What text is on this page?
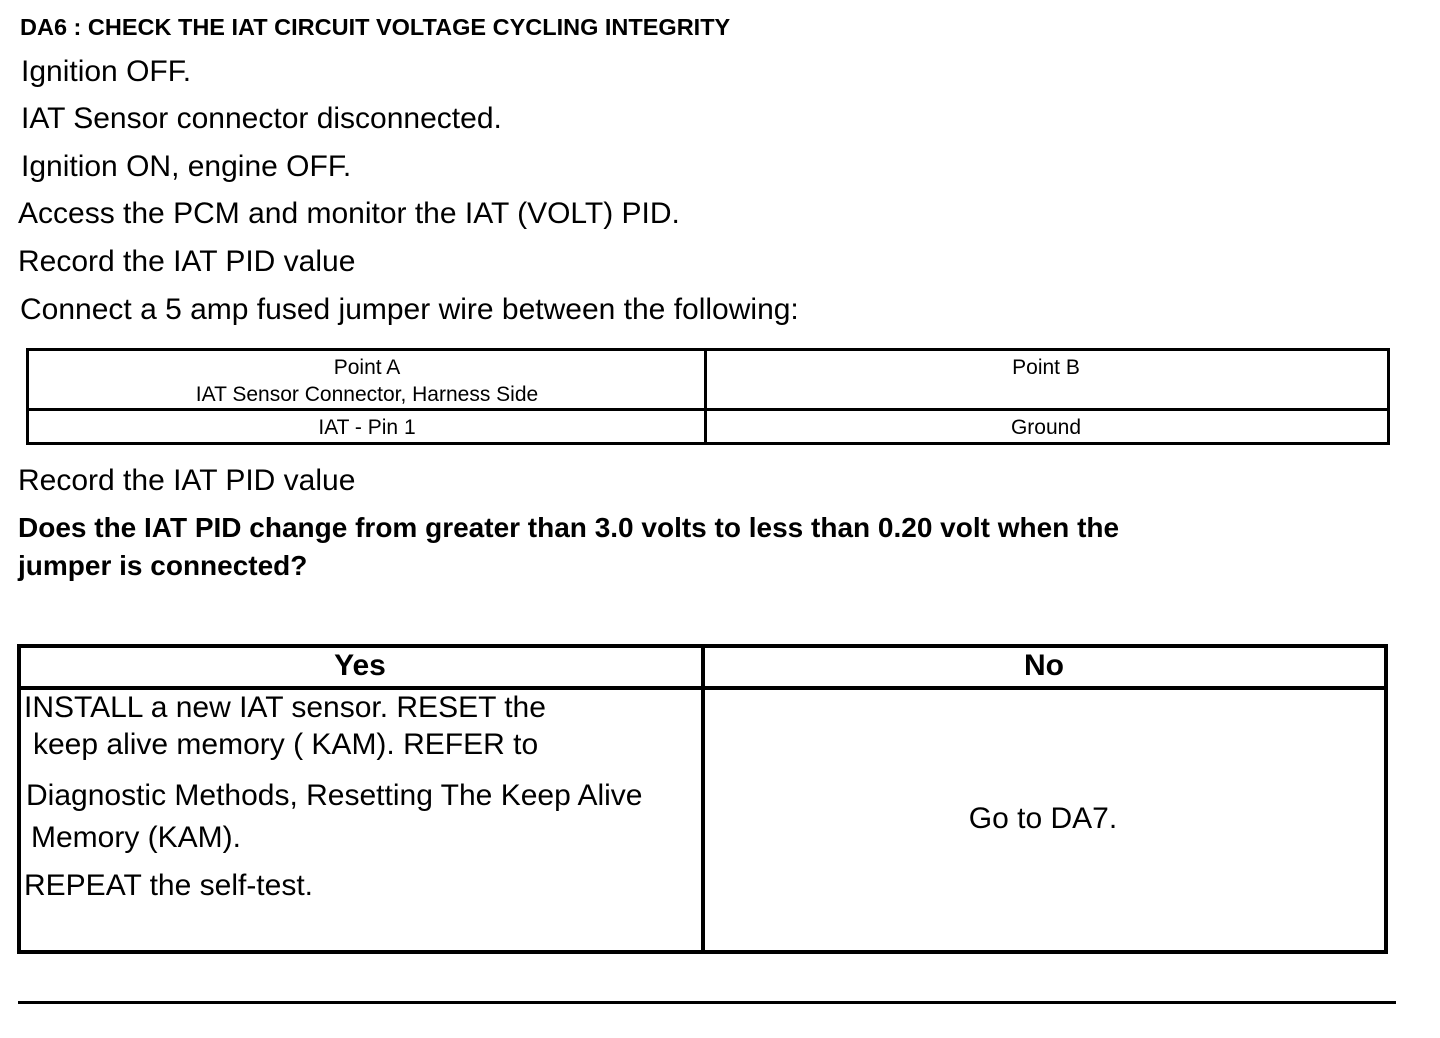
DA6 : CHECK THE IAT CIRCUIT VOLTAGE CYCLING INTEGRITY
Ignition OFF.
IAT Sensor connector disconnected.
Ignition ON, engine OFF.
Access the PCM and monitor the IAT (VOLT) PID.
Record the IAT PID value
Connect a 5 amp fused jumper wire between the following:
Point A
IAT Sensor Connector, Harness Side
Point B
IAT - Pin 1	Ground
Record the IAT PID value
Does the IAT PID change from greater than 3.0 volts to less than 0.20 volt when the
jumper is connected?
Yes	No
INSTALL a new IAT sensor. RESET the
keep alive memory ( KAM). REFER to
Diagnostic Methods, Resetting The Keep Alive
Memory (KAM).
REPEAT the self-test.
Go to DA7.
